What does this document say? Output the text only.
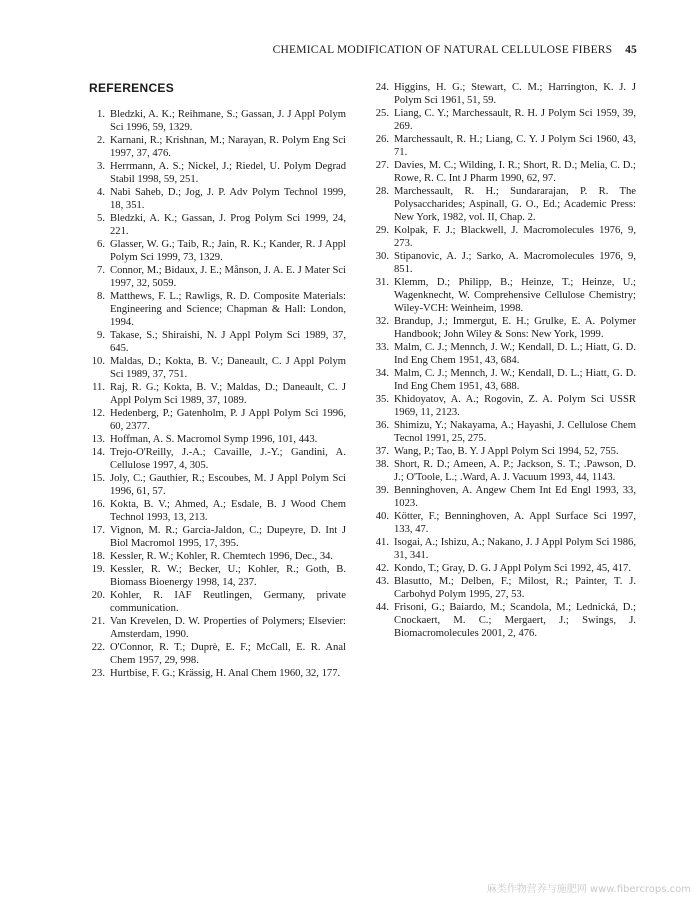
CHEMICAL MODIFICATION OF NATURAL CELLULOSE FIBERS 45
REFERENCES
1. Bledzki, A. K.; Reihmane, S.; Gassan, J. J Appl Polym Sci 1996, 59, 1329.
2. Karnani, R.; Krishnan, M.; Narayan, R. Polym Eng Sci 1997, 37, 476.
3. Herrmann, A. S.; Nickel, J.; Riedel, U. Polym Degrad Stabil 1998, 59, 251.
4. Nabi Saheb, D.; Jog, J. P. Adv Polym Technol 1999, 18, 351.
5. Bledzki, A. K.; Gassan, J. Prog Polym Sci 1999, 24, 221.
6. Glasser, W. G.; Taib, R.; Jain, R. K.; Kander, R. J Appl Polym Sci 1999, 73, 1329.
7. Connor, M.; Bidaux, J. E.; Månson, J. A. E. J Mater Sci 1997, 32, 5059.
8. Matthews, F. L.; Rawligs, R. D. Composite Materials: Engineering and Science; Chapman & Hall: London, 1994.
9. Takase, S.; Shiraishi, N. J Appl Polym Sci 1989, 37, 645.
10. Maldas, D.; Kokta, B. V.; Daneault, C. J Appl Polym Sci 1989, 37, 751.
11. Raj, R. G.; Kokta, B. V.; Maldas, D.; Daneault, C. J Appl Polym Sci 1989, 37, 1089.
12. Hedenberg, P.; Gatenholm, P. J Appl Polym Sci 1996, 60, 2377.
13. Hoffman, A. S. Macromol Symp 1996, 101, 443.
14. Trejo-O'Reilly, J.-A.; Cavaille, J.-Y.; Gandini, A. Cellulose 1997, 4, 305.
15. Joly, C.; Gauthier, R.; Escoubes, M. J Appl Polym Sci 1996, 61, 57.
16. Kokta, B. V.; Ahmed, A.; Esdale, B. J Wood Chem Technol 1993, 13, 213.
17. Vignon, M. R.; Garcia-Jaldon, C.; Dupeyre, D. Int J Biol Macromol 1995, 17, 395.
18. Kessler, R. W.; Kohler, R. Chemtech 1996, Dec., 34.
19. Kessler, R. W.; Becker, U.; Kohler, R.; Goth, B. Biomass Bioenergy 1998, 14, 237.
20. Kohler, R. IAF Reutlingen, Germany, private communication.
21. Van Krevelen, D. W. Properties of Polymers; Elsevier: Amsterdam, 1990.
22. O'Connor, R. T.; Duprè, E. F.; McCall, E. R. Anal Chem 1957, 29, 998.
23. Hurtbise, F. G.; Krässig, H. Anal Chem 1960, 32, 177.
24. Higgins, H. G.; Stewart, C. M.; Harrington, K. J. J Polym Sci 1961, 51, 59.
25. Liang, C. Y.; Marchessault, R. H. J Polym Sci 1959, 39, 269.
26. Marchessault, R. H.; Liang, C. Y. J Polym Sci 1960, 43, 71.
27. Davies, M. C.; Wilding, I. R.; Short, R. D.; Melia, C. D.; Rowe, R. C. Int J Pharm 1990, 62, 97.
28. Marchessault, R. H.; Sundararajan, P. R. The Polysaccharides; Aspinall, G. O., Ed.; Academic Press: New York, 1982, vol. II, Chap. 2.
29. Kolpak, F. J.; Blackwell, J. Macromolecules 1976, 9, 273.
30. Stipanovic, A. J.; Sarko, A. Macromolecules 1976, 9, 851.
31. Klemm, D.; Philipp, B.; Heinze, T.; Heinze, U.; Wagenknecht, W. Comprehensive Cellulose Chemistry; Wiley-VCH: Weinheim, 1998.
32. Brandup, J.; Immergut, E. H.; Grulke, E. A. Polymer Handbook; John Wiley & Sons: New York, 1999.
33. Malm, C. J.; Mennch, J. W.; Kendall, D. L.; Hiatt, G. D. Ind Eng Chem 1951, 43, 684.
34. Malm, C. J.; Mennch, J. W.; Kendall, D. L.; Hiatt, G. D. Ind Eng Chem 1951, 43, 688.
35. Khidoyatov, A. A.; Rogovin, Z. A. Polym Sci USSR 1969, 11, 2123.
36. Shimizu, Y.; Nakayama, A.; Hayashi, J. Cellulose Chem Tecnol 1991, 25, 275.
37. Wang, P.; Tao, B. Y. J Appl Polym Sci 1994, 52, 755.
38. Short, R. D.; Ameen, A. P.; Jackson, S. T.; .Pawson, D. J.; O'Toole, L.; .Ward, A. J. Vacuum 1993, 44, 1143.
39. Benninghoven, A. Angew Chem Int Ed Engl 1993, 33, 1023.
40. Kötter, F.; Benninghoven, A. Appl Surface Sci 1997, 133, 47.
41. Isogai, A.; Ishizu, A.; Nakano, J. J Appl Polym Sci 1986, 31, 341.
42. Kondo, T.; Gray, D. G. J Appl Polym Sci 1992, 45, 417.
43. Blasutto, M.; Delben, F.; Milost, R.; Painter, T. J. Carbohyd Polym 1995, 27, 53.
44. Frisoni, G.; Baiardo, M.; Scandola, M.; Lednická, D.; Cnockaert, M. C.; Mergaert, J.; Swings, J. Biomacromolecules 2001, 2, 476.
麻类作物营养与施肥网 www.fibercrops.com
